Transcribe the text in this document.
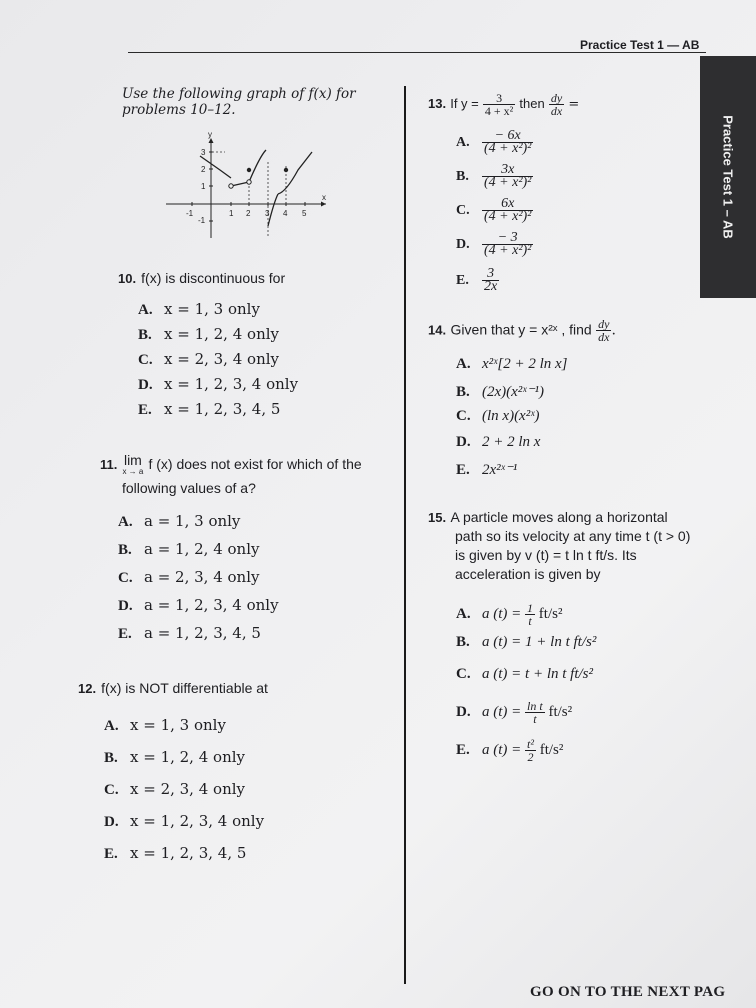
Practice Test 1 — AB
Practice Test 1 – AB
Use the following graph of f(x) for problems 10–12.
y
x
-1	1 2 3 4 5
3
2
1
-1
10. f(x) is discontinuous for
A. x = 1, 3 only
B. x = 1, 2, 4 only
C. x = 2, 3, 4 only
D. x = 1, 2, 3, 4 only
E. x = 1, 2, 3, 4, 5
11. lim
x → a f (x) does not exist for which of the
following values of a?
A. a = 1, 3 only
B. a = 1, 2, 4 only
C. a = 2, 3, 4 only
D. a = 1, 2, 3, 4 only
E. a = 1, 2, 3, 4, 5
12. f(x) is NOT differentiable at
A. x = 1, 3 only
B. x = 1, 2, 4 only
C. x = 2, 3, 4 only
D. x = 1, 2, 3, 4 only
E. x = 1, 2, 3, 4, 5
13. If $y = \frac{3}{\text{4 + x²}}$ then $\frac{dy}{dx}$ =
A. $\frac{- 6x}{\text{(4 + x²)²}}$
B. $\frac{3x}{\text{(4 + x²)²}}$
C. $\frac{6x}{\text{(4 + x²)²}}$
D. $\frac{- 3}{\text{(4 + x²)²}}$
E. $\frac{3}{2x}$
14. Given that y = x²ˣ , find $\frac{dy}{dx}$ .
A. x²ˣ[2 + 2 ln x]
B. (2x)(x²ˣ⁻¹)
C. (ln x)(x²ˣ)
D. 2 + 2 ln x
E. 2x²ˣ⁻¹
15. A particle moves along a horizontal
path so its velocity at any time t (t > 0)
is given by v (t) = t ln t ft/s. Its
acceleration is given by
A. a $(t) = \frac{1}{t} ft/s^2$
B. a (t) = 1 + ln t ft/s²
C. a (t) = t + ln t ft/s²
D. a $(t) = \frac{\text{ln t}}{t} ft/s^2$
E. a $(t) = \frac{\text{t²}}{2} ft/s^2$
GO ON TO THE NEXT PAG
